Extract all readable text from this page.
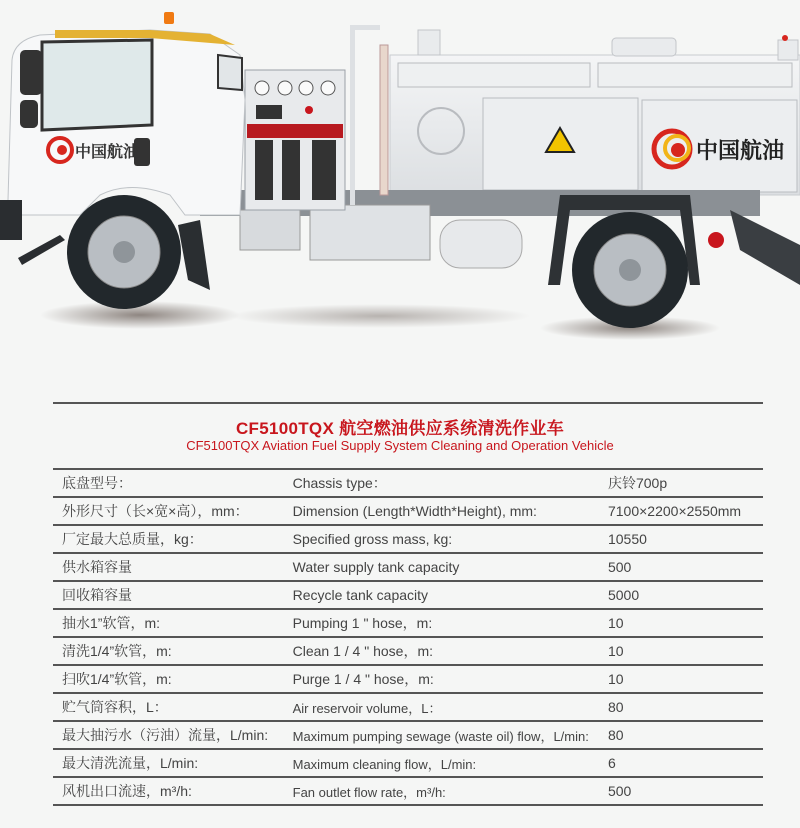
中国航油
中国航油
CF5100TQX 航空燃油供应系统清洗作业车
CF5100TQX Aviation Fuel Supply System Cleaning and Operation Vehicle
底盘型号：	Chassis type：	庆铃700p
外形尺寸（长×宽×高），mm：	Dimension (Length*Width*Height), mm:	7100×2200×2550mm
厂定最大总质量，kg：	Specified gross mass, kg:	10550
供水箱容量	Water supply tank capacity	500
回收箱容量	Recycle tank capacity	5000
抽水1”软管，m:	Pumping 1 " hose，m:	10
清洗1/4”软管，m:	Clean 1 / 4 " hose，m:	10
扫吹1/4”软管，m:	Purge 1 / 4 " hose，m:	10
贮气筒容积，L：	Air reservoir volume，L：	80
最大抽污水（污油）流量，L/min:	Maximum pumping sewage (waste oil) flow，L/min:	80
最大清洗流量，L/min:	Maximum cleaning flow，L/min:	6
风机出口流速，m³/h:	Fan outlet flow rate，m³/h:	500
